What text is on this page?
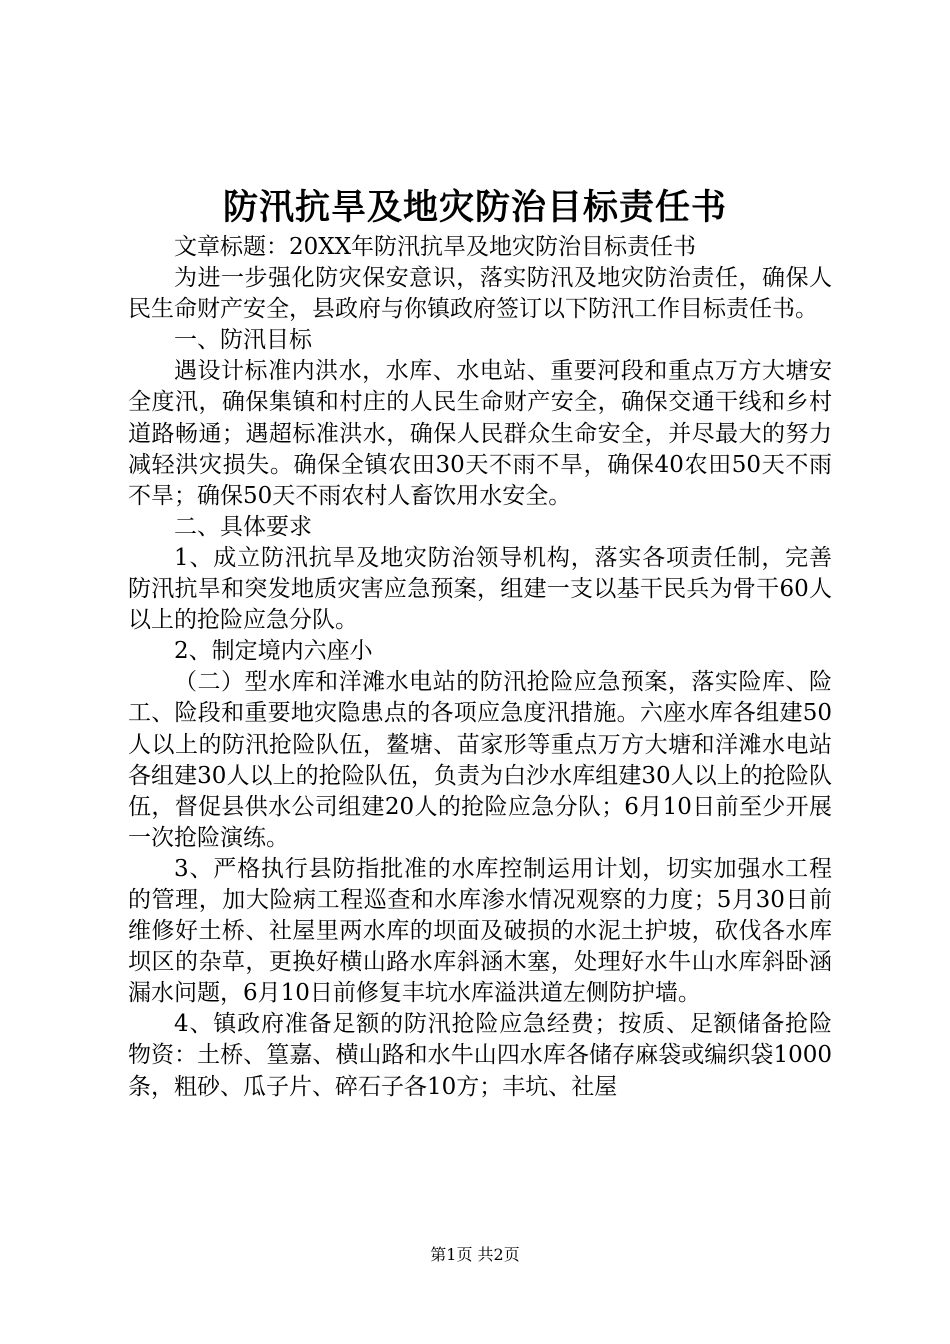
防汛抗旱及地灾防治目标责任书

文章标题：20XX年防汛抗旱及地灾防治目标责任书

为进一步强化防灾保安意识，落实防汛及地灾防治责任，确保人民生命财产安全，县政府与你镇政府签订以下防汛工作目标责任书。

一、防汛目标

遇设计标准内洪水，水库、水电站、重要河段和重点万方大塘安全度汛，确保集镇和村庄的人民生命财产安全，确保交通干线和乡村道路畅通；遇超标准洪水，确保人民群众生命安全，并尽最大的努力减轻洪灾损失。确保全镇农田30天不雨不旱，确保40农田50天不雨不旱；确保50天不雨农村人畜饮用水安全。

二、具体要求

1、成立防汛抗旱及地灾防治领导机构，落实各项责任制，完善防汛抗旱和突发地质灾害应急预案，组建一支以基干民兵为骨干60人以上的抢险应急分队。

2、制定境内六座小

（二）型水库和洋滩水电站的防汛抢险应急预案，落实险库、险工、险段和重要地灾隐患点的各项应急度汛措施。六座水库各组建50人以上的防汛抢险队伍，鳌塘、苗家形等重点万方大塘和洋滩水电站各组建30人以上的抢险队伍，负责为白沙水库组建30人以上的抢险队伍，督促县供水公司组建20人的抢险应急分队；6月10日前至少开展一次抢险演练。

3、严格执行县防指批准的水库控制运用计划，切实加强水工程的管理，加大险病工程巡查和水库渗水情况观察的力度；5月30日前维修好土桥、社屋里两水库的坝面及破损的水泥土护坡，砍伐各水库坝区的杂草，更换好横山路水库斜涵木塞，处理好水牛山水库斜卧涵漏水问题，6月10日前修复丰坑水库溢洪道左侧防护墙。

4、镇政府准备足额的防汛抢险应急经费；按质、足额储备抢险物资：土桥、篁嘉、横山路和水牛山四水库各储存麻袋或编织袋1000条，粗砂、瓜子片、碎石子各10方；丰坑、社屋

第1页 共2页
